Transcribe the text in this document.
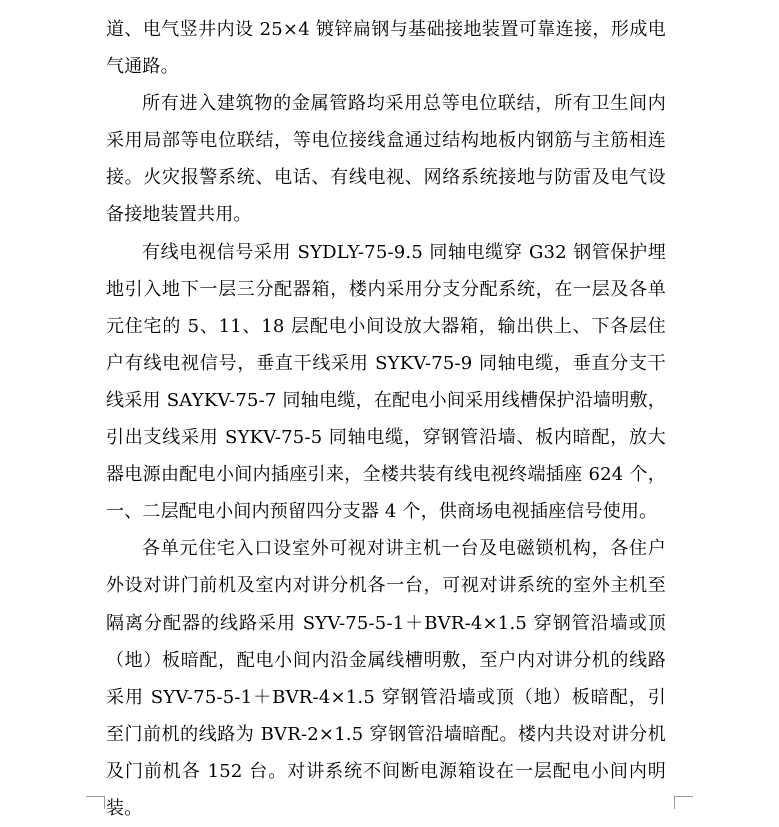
道、电气竖井内设 25×4 镀锌扁钢与基础接地装置可靠连接，形成电气通路。

所有进入建筑物的金属管路均采用总等电位联结，所有卫生间内采用局部等电位联结，等电位接线盒通过结构地板内钢筋与主筋相连接。火灾报警系统、电话、有线电视、网络系统接地与防雷及电气设备接地装置共用。

有线电视信号采用 SYDLY-75-9.5 同轴电缆穿 G32 钢管保护埋地引入地下一层三分配器箱，楼内采用分支分配系统，在一层及各单元住宅的 5、11、18 层配电小间设放大器箱，输出供上、下各层住户有线电视信号，垂直干线采用 SYKV-75-9 同轴电缆，垂直分支干线采用 SAYKV-75-7 同轴电缆，在配电小间采用线槽保护沿墙明敷，引出支线采用 SYKV-75-5 同轴电缆，穿钢管沿墙、板内暗配，放大器电源由配电小间内插座引来，全楼共装有线电视终端插座 624 个，一、二层配电小间内预留四分支器 4 个，供商场电视插座信号使用。

各单元住宅入口设室外可视对讲主机一台及电磁锁机构，各住户外设对讲门前机及室内对讲分机各一台，可视对讲系统的室外主机至隔离分配器的线路采用 SYV-75-5-1＋BVR-4×1.5 穿钢管沿墙或顶（地）板暗配，配电小间内沿金属线槽明敷，至户内对讲分机的线路采用 SYV-75-5-1＋BVR-4×1.5 穿钢管沿墙或顶（地）板暗配，引至门前机的线路为 BVR-2×1.5 穿钢管沿墙暗配。楼内共设对讲分机及门前机各 152 台。对讲系统不间断电源箱设在一层配电小间内明装。
